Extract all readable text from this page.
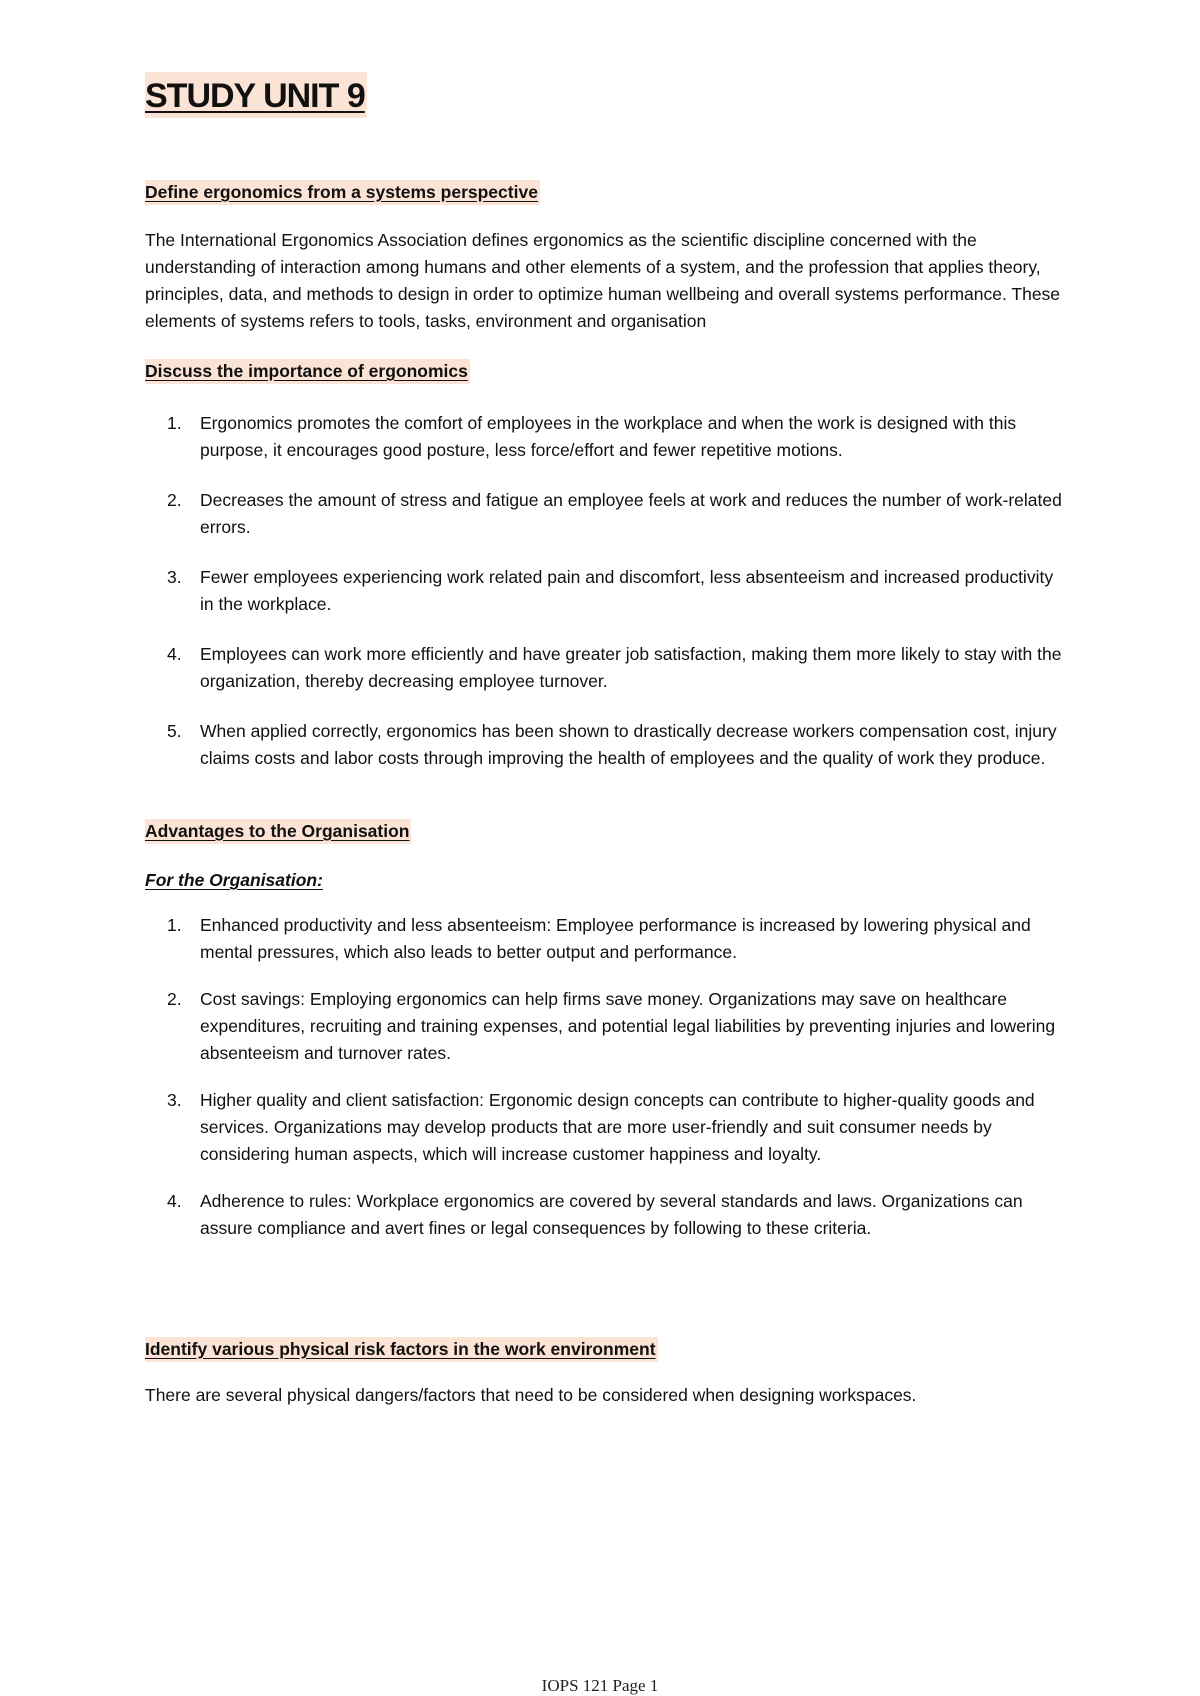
STUDY UNIT 9
Define ergonomics from a systems perspective

The International Ergonomics Association defines ergonomics as the scientific discipline concerned with the understanding of interaction among humans and other elements of a system, and the profession that applies theory, principles, data, and methods to design in order to optimize human wellbeing and overall systems performance. These elements of systems refers to tools, tasks, environment and organisation

Discuss the importance of ergonomics
1. Ergonomics promotes the comfort of employees in the workplace and when the work is designed with this purpose, it encourages good posture, less force/effort and fewer repetitive motions.
2. Decreases the amount of stress and fatigue an employee feels at work and reduces the number of work-related errors.
3. Fewer employees experiencing work related pain and discomfort, less absenteeism and increased productivity in the workplace.
4. Employees can work more efficiently and have greater job satisfaction, making them more likely to stay with the organization, thereby decreasing employee turnover.
5. When applied correctly, ergonomics has been shown to drastically decrease workers compensation cost, injury claims costs and labor costs through improving the health of employees and the quality of work they produce.
Advantages to the Organisation
For the Organisation:
1. Enhanced productivity and less absenteeism: Employee performance is increased by lowering physical and mental pressures, which also leads to better output and performance.
2. Cost savings: Employing ergonomics can help firms save money. Organizations may save on healthcare expenditures, recruiting and training expenses, and potential legal liabilities by preventing injuries and lowering absenteeism and turnover rates.
3. Higher quality and client satisfaction: Ergonomic design concepts can contribute to higher-quality goods and services. Organizations may develop products that are more user-friendly and suit consumer needs by considering human aspects, which will increase customer happiness and loyalty.
4. Adherence to rules: Workplace ergonomics are covered by several standards and laws. Organizations can assure compliance and avert fines or legal consequences by following to these criteria.
Identify various physical risk factors in the work environment

There are several physical dangers/factors that need to be considered when designing workspaces.

IOPS 121 Page 1
